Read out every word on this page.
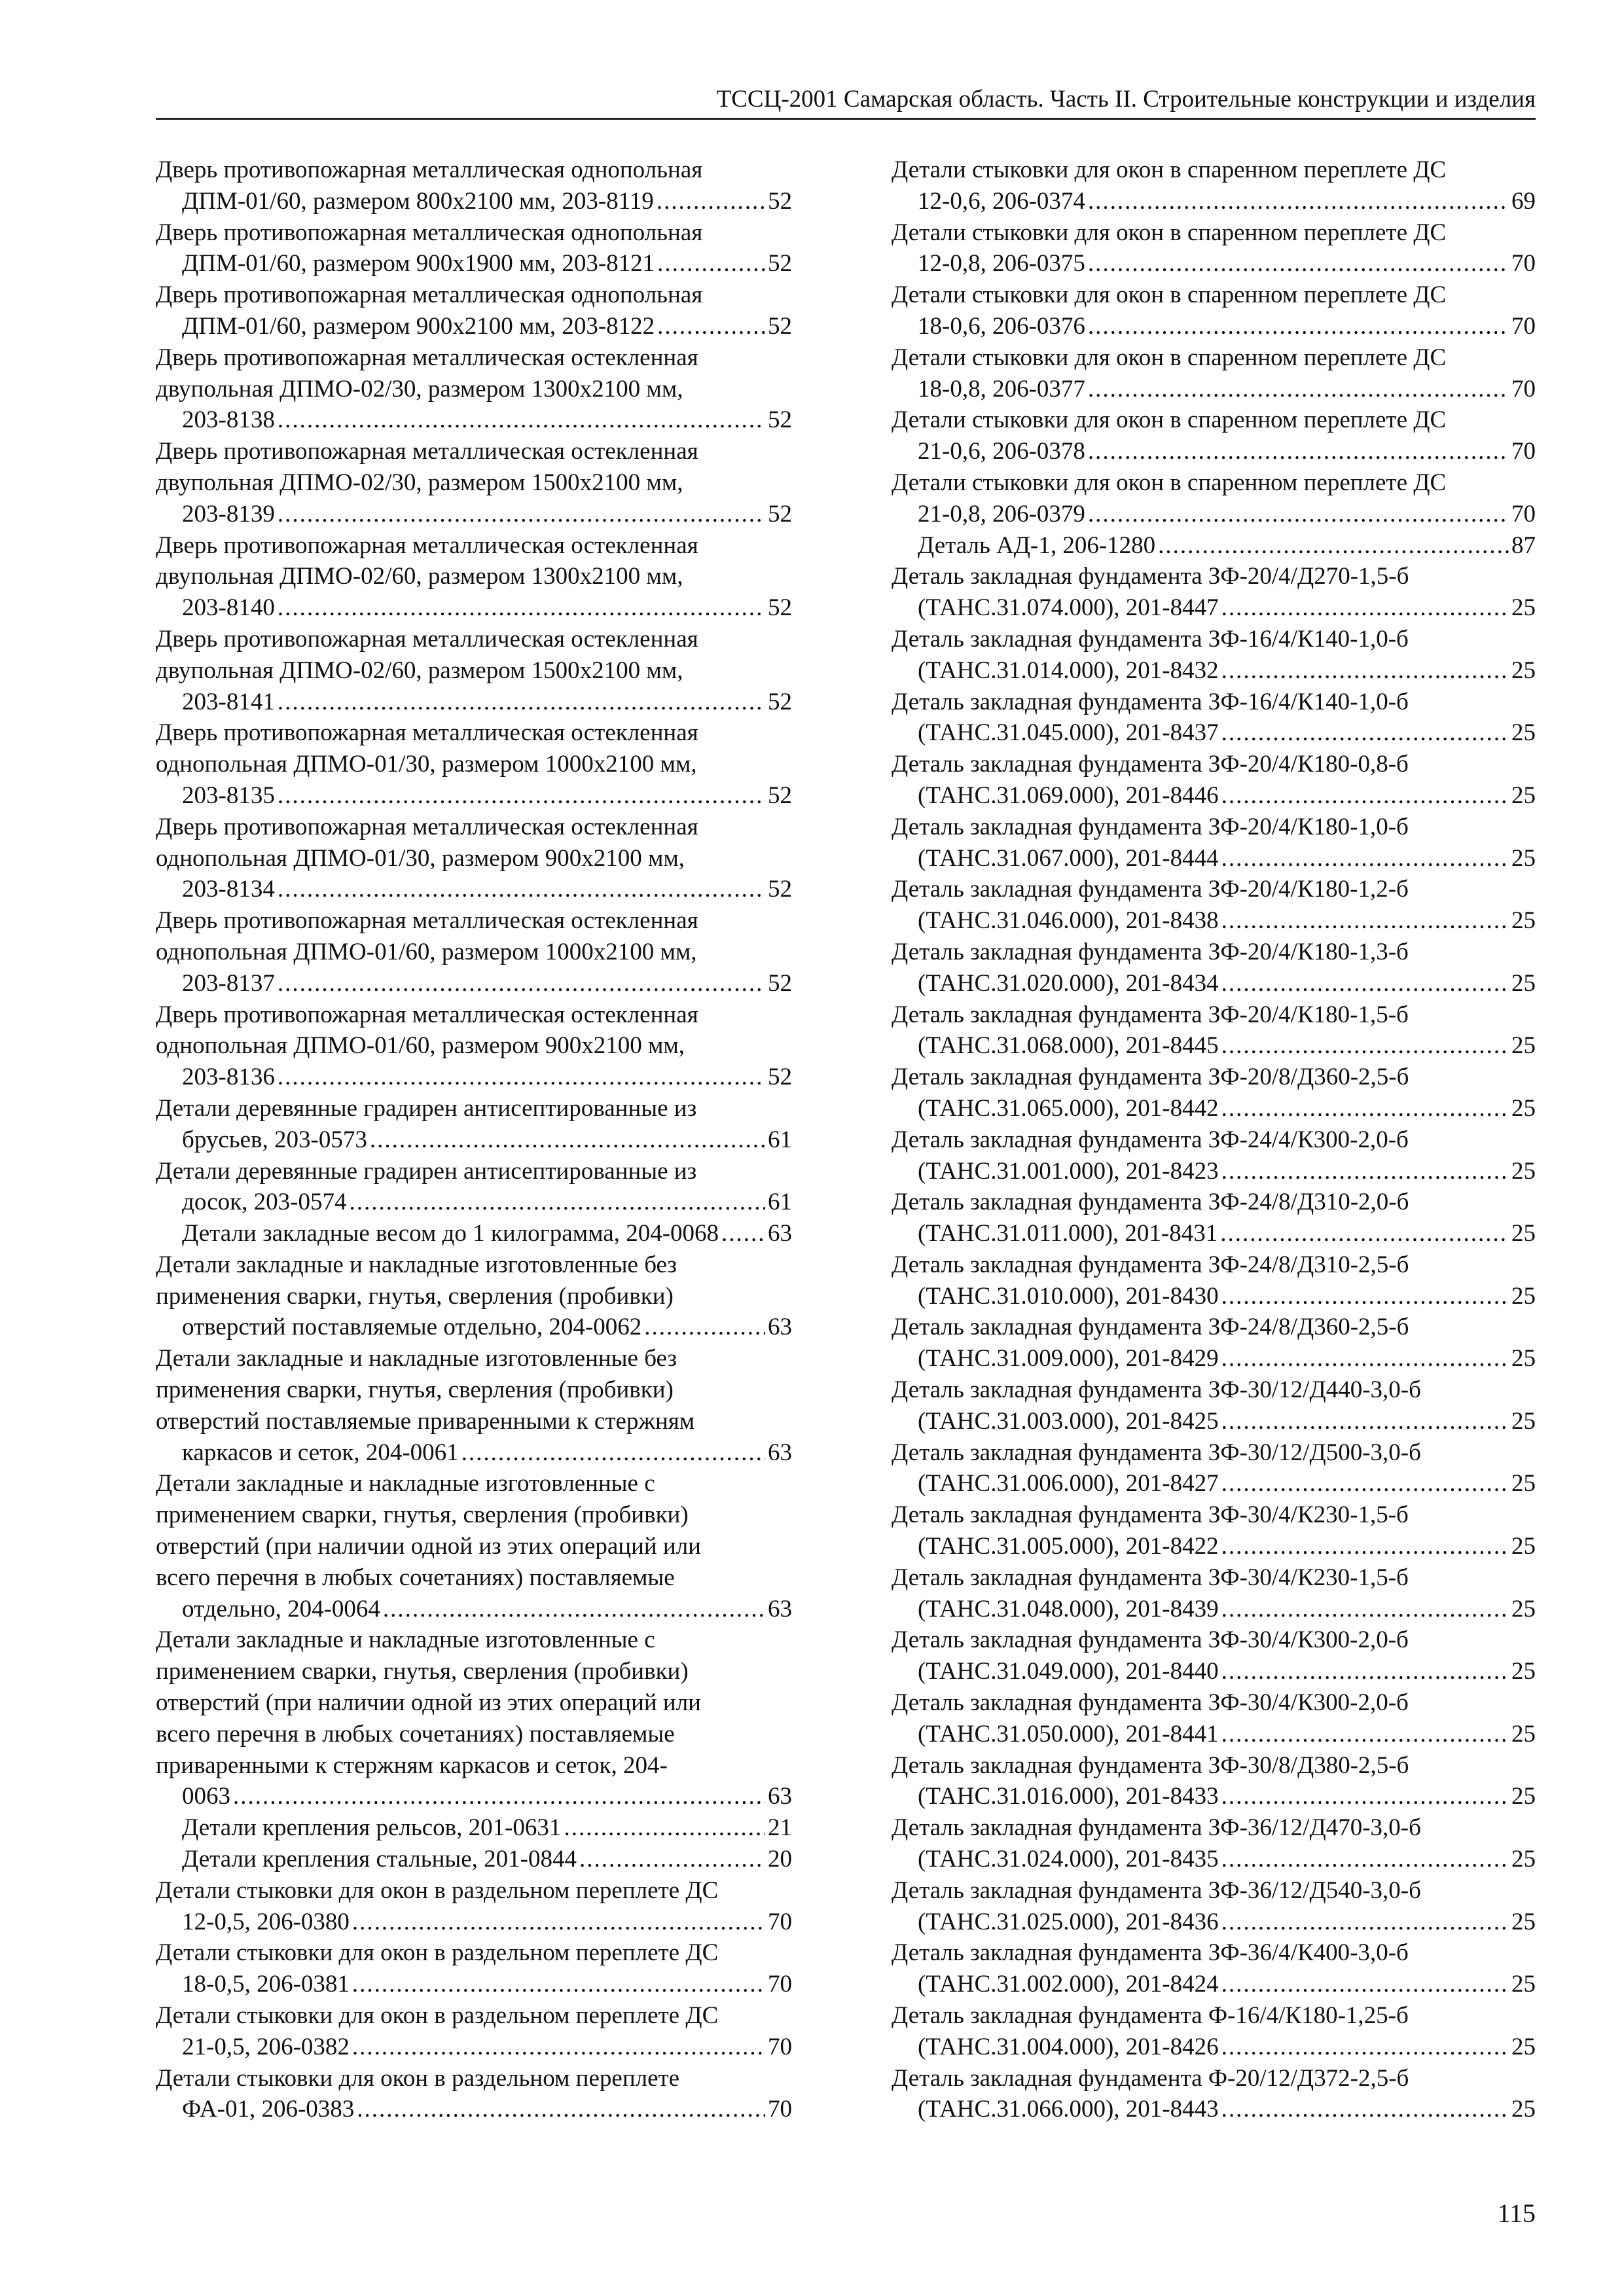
ТССЦ-2001 Самарская область. Часть II. Строительные конструкции и изделия
Дверь противопожарная металлическая однопольная
ДПМ-01/60, размером 800х2100 мм, 203-8119 .....	52
Дверь противопожарная металлическая однопольная
ДПМ-01/60, размером 900х1900 мм, 203-8121 .....	52
Дверь противопожарная металлическая однопольная
ДПМ-01/60, размером 900х2100 мм, 203-8122 .....	52
Дверь противопожарная металлическая остекленная
двупольная ДПМО-02/30, размером 1300х2100 мм,
203-8138 .....	52
Дверь противопожарная металлическая остекленная
двупольная ДПМО-02/30, размером 1500х2100 мм,
203-8139 .....	52
Дверь противопожарная металлическая остекленная
двупольная ДПМО-02/60, размером 1300х2100 мм,
203-8140 .....	52
Дверь противопожарная металлическая остекленная
двупольная ДПМО-02/60, размером 1500х2100 мм,
203-8141 .....	52
Дверь противопожарная металлическая остекленная
однопольная ДПМО-01/30, размером 1000х2100 мм,
203-8135 .....	52
Дверь противопожарная металлическая остекленная
однопольная ДПМО-01/30, размером 900х2100 мм,
203-8134 .....	52
Дверь противопожарная металлическая остекленная
однопольная ДПМО-01/60, размером 1000х2100 мм,
203-8137 .....	52
Дверь противопожарная металлическая остекленная
однопольная ДПМО-01/60, размером 900х2100 мм,
203-8136 .....	52
Детали деревянные градирен антисептированные из
брусьев, 203-0573 .....	61
Детали деревянные градирен антисептированные из
досок, 203-0574 .....	61
Детали закладные весом до 1 килограмма, 204-0068 ..... 63
Детали закладные и накладные изготовленные без
применения сварки, гнутья, сверления (пробивки)
отверстий поставляемые отдельно, 204-0062 .....	63
Детали закладные и накладные изготовленные без
применения сварки, гнутья, сверления (пробивки)
отверстий поставляемые приваренными к стержням
каркасов и сеток, 204-0061 .....	63
Детали закладные и накладные изготовленные с
применением сварки, гнутья, сверления (пробивки)
отверстий (при наличии одной из этих операций или
всего перечня в любых сочетаниях) поставляемые
отдельно, 204-0064 .....	63
Детали закладные и накладные изготовленные с
применением сварки, гнутья, сверления (пробивки)
отверстий (при наличии одной из этих операций или
всего перечня в любых сочетаниях) поставляемые
приваренными к стержням каркасов и сеток, 204-
0063 .....	63
Детали крепления рельсов, 201-0631 .....	21
Детали крепления стальные, 201-0844 .....	20
Детали стыковки для окон в раздельном переплете ДС
12-0,5, 206-0380 .....	70
Детали стыковки для окон в раздельном переплете ДС
18-0,5, 206-0381 .....	70
Детали стыковки для окон в раздельном переплете ДС
21-0,5, 206-0382 .....	70
Детали стыковки для окон в раздельном переплете
ФА-01, 206-0383 .....	70
Детали стыковки для окон в спаренном переплете ДС
12-0,6, 206-0374 .....	69
Детали стыковки для окон в спаренном переплете ДС
12-0,8, 206-0375 .....	70
Детали стыковки для окон в спаренном переплете ДС
18-0,6, 206-0376 .....	70
Детали стыковки для окон в спаренном переплете ДС
18-0,8, 206-0377 .....	70
Детали стыковки для окон в спаренном переплете ДС
21-0,6, 206-0378 .....	70
Детали стыковки для окон в спаренном переплете ДС
21-0,8, 206-0379 .....	70
Деталь АД-1, 206-1280 .....	87
Деталь закладная фундамента ЗФ-20/4/Д270-1,5-б
(ТАНС.31.074.000), 201-8447 .....	25
Деталь закладная фундамента ЗФ-16/4/К140-1,0-б
(ТАНС.31.014.000), 201-8432 .....	25
Деталь закладная фундамента ЗФ-16/4/К140-1,0-б
(ТАНС.31.045.000), 201-8437 .....	25
Деталь закладная фундамента ЗФ-20/4/К180-0,8-б
(ТАНС.31.069.000), 201-8446 .....	25
Деталь закладная фундамента ЗФ-20/4/К180-1,0-б
(ТАНС.31.067.000), 201-8444 .....	25
Деталь закладная фундамента ЗФ-20/4/К180-1,2-б
(ТАНС.31.046.000), 201-8438 .....	25
Деталь закладная фундамента ЗФ-20/4/К180-1,3-б
(ТАНС.31.020.000), 201-8434 .....	25
Деталь закладная фундамента ЗФ-20/4/К180-1,5-б
(ТАНС.31.068.000), 201-8445 .....	25
Деталь закладная фундамента ЗФ-20/8/Д360-2,5-б
(ТАНС.31.065.000), 201-8442 .....	25
Деталь закладная фундамента ЗФ-24/4/К300-2,0-б
(ТАНС.31.001.000), 201-8423 .....	25
Деталь закладная фундамента ЗФ-24/8/Д310-2,0-б
(ТАНС.31.011.000), 201-8431 .....	25
Деталь закладная фундамента ЗФ-24/8/Д310-2,5-б
(ТАНС.31.010.000), 201-8430 .....	25
Деталь закладная фундамента ЗФ-24/8/Д360-2,5-б
(ТАНС.31.009.000), 201-8429 .....	25
Деталь закладная фундамента ЗФ-30/12/Д440-3,0-б
(ТАНС.31.003.000), 201-8425 .....	25
Деталь закладная фундамента ЗФ-30/12/Д500-3,0-б
(ТАНС.31.006.000), 201-8427 .....	25
Деталь закладная фундамента ЗФ-30/4/К230-1,5-б
(ТАНС.31.005.000), 201-8422 .....	25
Деталь закладная фундамента ЗФ-30/4/К230-1,5-б
(ТАНС.31.048.000), 201-8439 .....	25
Деталь закладная фундамента ЗФ-30/4/К300-2,0-б
(ТАНС.31.049.000), 201-8440 .....	25
Деталь закладная фундамента ЗФ-30/4/К300-2,0-б
(ТАНС.31.050.000), 201-8441 .....	25
Деталь закладная фундамента ЗФ-30/8/Д380-2,5-б
(ТАНС.31.016.000), 201-8433 .....	25
Деталь закладная фундамента ЗФ-36/12/Д470-3,0-б
(ТАНС.31.024.000), 201-8435 .....	25
Деталь закладная фундамента ЗФ-36/12/Д540-3,0-б
(ТАНС.31.025.000), 201-8436 .....	25
Деталь закладная фундамента ЗФ-36/4/К400-3,0-б
(ТАНС.31.002.000), 201-8424 .....	25
Деталь закладная фундамента Ф-16/4/К180-1,25-б
(ТАНС.31.004.000), 201-8426 .....	25
Деталь закладная фундамента Ф-20/12/Д372-2,5-б
(ТАНС.31.066.000), 201-8443 .....	25
115
